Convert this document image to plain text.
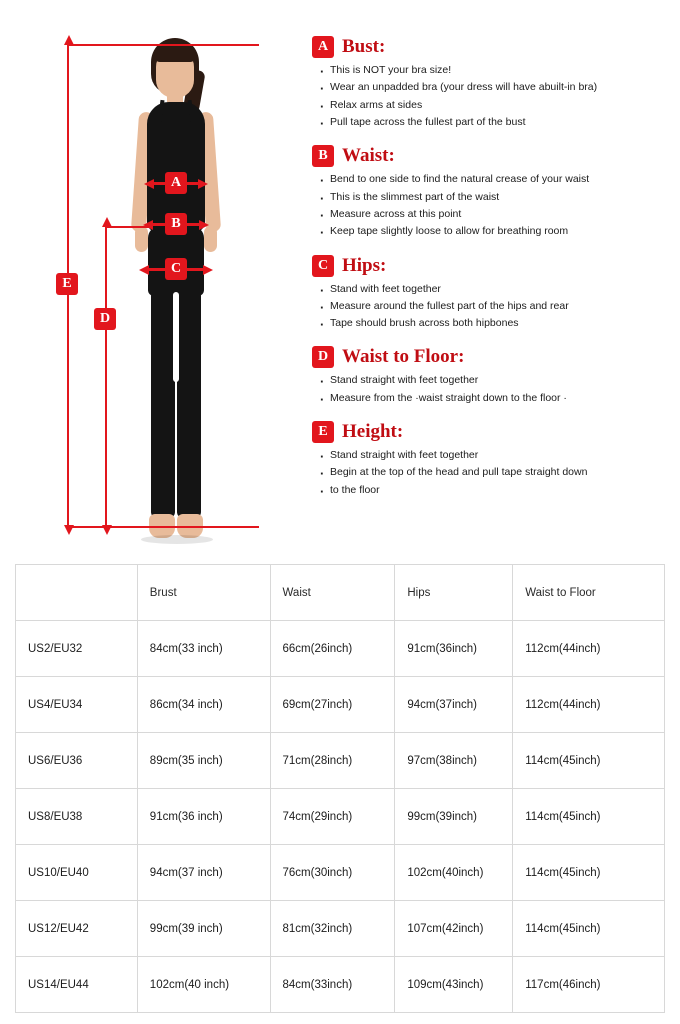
A
B
C
D
E
A Bust:
· This is NOT your bra size!
· Wear an unpadded bra (your dress will have abuilt-in bra)
· Relax arms at sides
· Pull tape across the fullest part of the bust
B Waist:
· Bend to one side to find the natural crease of your waist
· This is the slimmest part of the waist
· Measure across at this point
· Keep tape slightly loose to allow for breathing room
C Hips:
· Stand with feet together
· Measure around the fullest part of the hips and rear
· Tape should brush across both hipbones
D Waist to Floor:
· Stand straight with feet together
· Measure from the ·waist straight down to the floor ·
E Height:
· Stand straight with feet together
· Begin at the top of the head and pull tape straight down
· to the floor
	Brust	Waist	Hips	Waist to Floor
US2/EU32	84cm(33 inch)	66cm(26inch)	91cm(36inch)	112cm(44inch)
US4/EU34	86cm(34 inch)	69cm(27inch)	94cm(37inch)	112cm(44inch)
US6/EU36	89cm(35 inch)	71cm(28inch)	97cm(38inch)	114cm(45inch)
US8/EU38	91cm(36 inch)	74cm(29inch)	99cm(39inch)	114cm(45inch)
US10/EU40	94cm(37 inch)	76cm(30inch)	102cm(40inch)	114cm(45inch)
US12/EU42	99cm(39 inch)	81cm(32inch)	107cm(42inch)	114cm(45inch)
US14/EU44	102cm(40 inch)	84cm(33inch)	109cm(43inch)	117cm(46inch)
